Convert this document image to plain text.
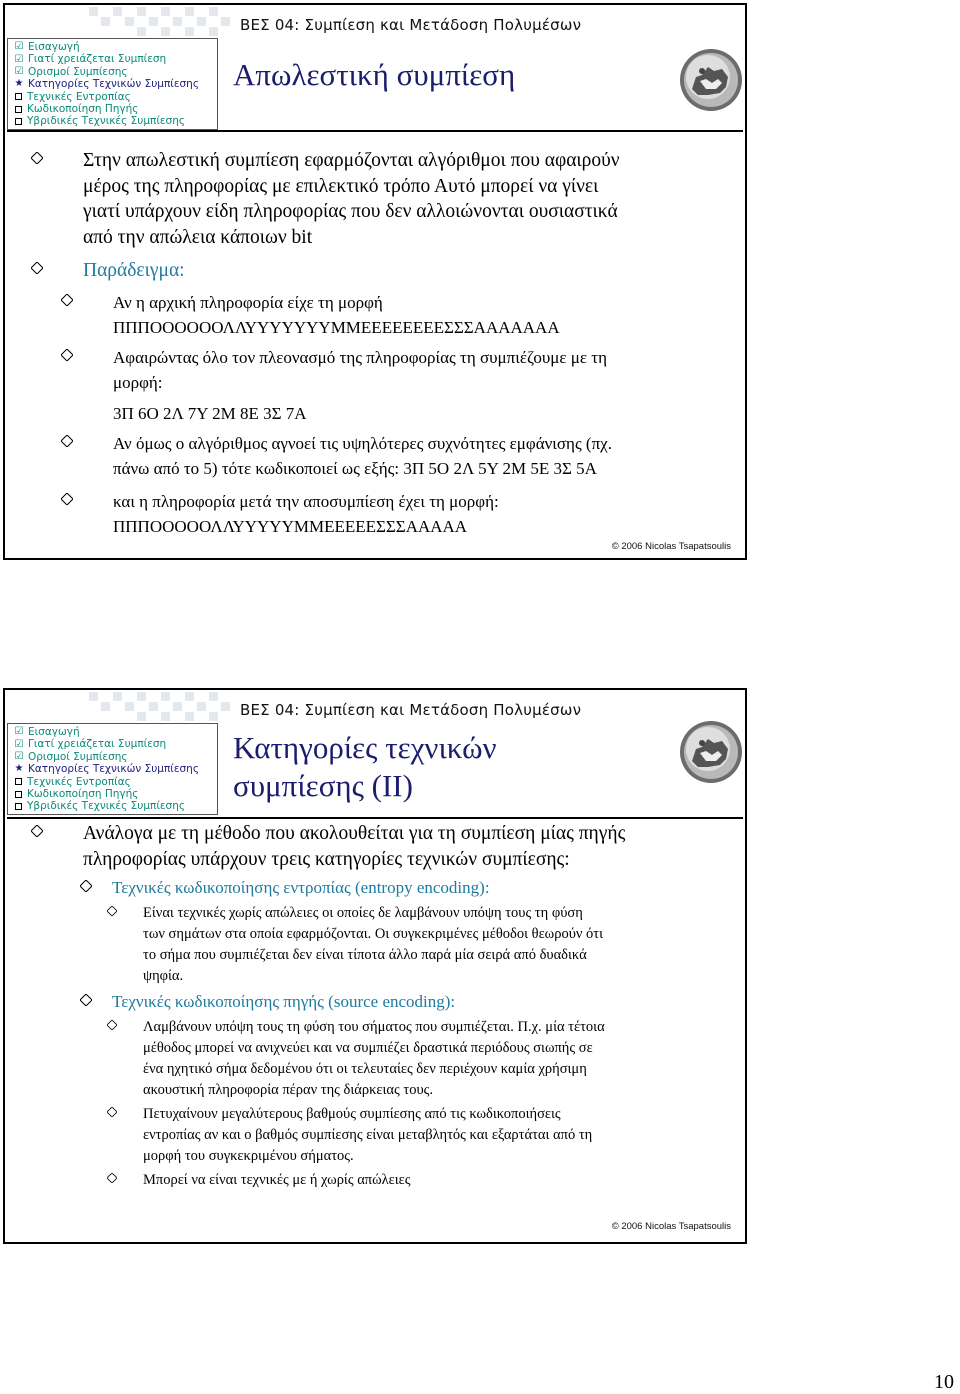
ΒΕΣ 04: Συμπίεση και Μετάδοση Πολυμέσων
☑ Εισαγωγή
☑ Γιατί χρειάζεται Συμπίεση
☑ Ορισμοί Συμπίεσης
★ Κατηγορίες Τεχνικών Συμπίεσης
Τεχνικές Εντροπίας
Κωδικοποίηση Πηγής
Υβριδικές Τεχνικές Συμπίεσης
Απωλεστική συμπίεση
Στην απωλεστική συμπίεση εφαρμόζονται αλγόριθμοι που αφαιρούν
μέρος της πληροφορίας με επιλεκτικό τρόπο Αυτό μπορεί να γίνει
γιατί υπάρχουν είδη πληροφορίας που δεν αλλοιώνονται ουσιαστικά
από την απώλεια κάποιων bit
Παράδειγμα:
Αν η αρχική πληροφορία είχε τη μορφή
ΠΠΠΟΟΟΟΟΟΛΛΥΥΥΥΥΥΥΜΜΕΕΕΕΕΕΕΕΣΣΣΑΑΑΑΑΑΑ
Αφαιρώντας όλο τον πλεονασμό της πληροφορίας τη συμπιέζουμε με τη
μορφή:
3Π 6Ο 2Λ 7Υ 2Μ 8Ε 3Σ 7Α
Αν όμως ο αλγόριθμος αγνοεί τις υψηλότερες συχνότητες εμφάνισης (πχ.
πάνω από το 5) τότε κωδικοποιεί ως εξής: 3Π 5Ο 2Λ 5Υ 2Μ 5Ε 3Σ 5Α
και η πληροφορία μετά την αποσυμπίεση έχει τη μορφή:
ΠΠΠΟΟΟΟΟΛΛΥΥΥΥΥΜΜΕΕΕΕΕΣΣΣΑΑΑΑΑ
© 2006 Nicolas Tsapatsoulis
ΒΕΣ 04: Συμπίεση και Μετάδοση Πολυμέσων
☑ Εισαγωγή
☑ Γιατί χρειάζεται Συμπίεση
☑ Ορισμοί Συμπίεσης
★ Κατηγορίες Τεχνικών Συμπίεσης
Τεχνικές Εντροπίας
Κωδικοποίηση Πηγής
Υβριδικές Τεχνικές Συμπίεσης
Κατηγορίες τεχνικών
συμπίεσης (ΙΙ)
Ανάλογα με τη μέθοδο που ακολουθείται για τη συμπίεση μίας πηγής
πληροφορίας υπάρχουν τρεις κατηγορίες τεχνικών συμπίεσης:
Τεχνικές κωδικοποίησης εντροπίας (entropy encoding):
Είναι τεχνικές χωρίς απώλειες οι οποίες δε λαμβάνουν υπόψη τους τη φύση
των σημάτων στα οποία εφαρμόζονται. Οι συγκεκριμένες μέθοδοι θεωρούν ότι
το σήμα που συμπιέζεται δεν είναι τίποτα άλλο παρά μία σειρά από δυαδικά
ψηφία.
Τεχνικές κωδικοποίησης πηγής (source encoding):
Λαμβάνουν υπόψη τους τη φύση του σήματος που συμπιέζεται. Π.χ. μία τέτοια
μέθοδος μπορεί να ανιχνεύει και να συμπιέζει δραστικά περιόδους σιωπής σε
ένα ηχητικό σήμα δεδομένου ότι οι τελευταίες δεν περιέχουν καμία χρήσιμη
ακουστική πληροφορία πέραν της διάρκειας τους.
Πετυχαίνουν μεγαλύτερους βαθμούς συμπίεσης από τις κωδικοποιήσεις
εντροπίας αν και ο βαθμός συμπίεσης είναι μεταβλητός και εξαρτάται από τη
μορφή του συγκεκριμένου σήματος.
Μπορεί να είναι τεχνικές με ή χωρίς απώλειες
© 2006 Nicolas Tsapatsoulis
10
